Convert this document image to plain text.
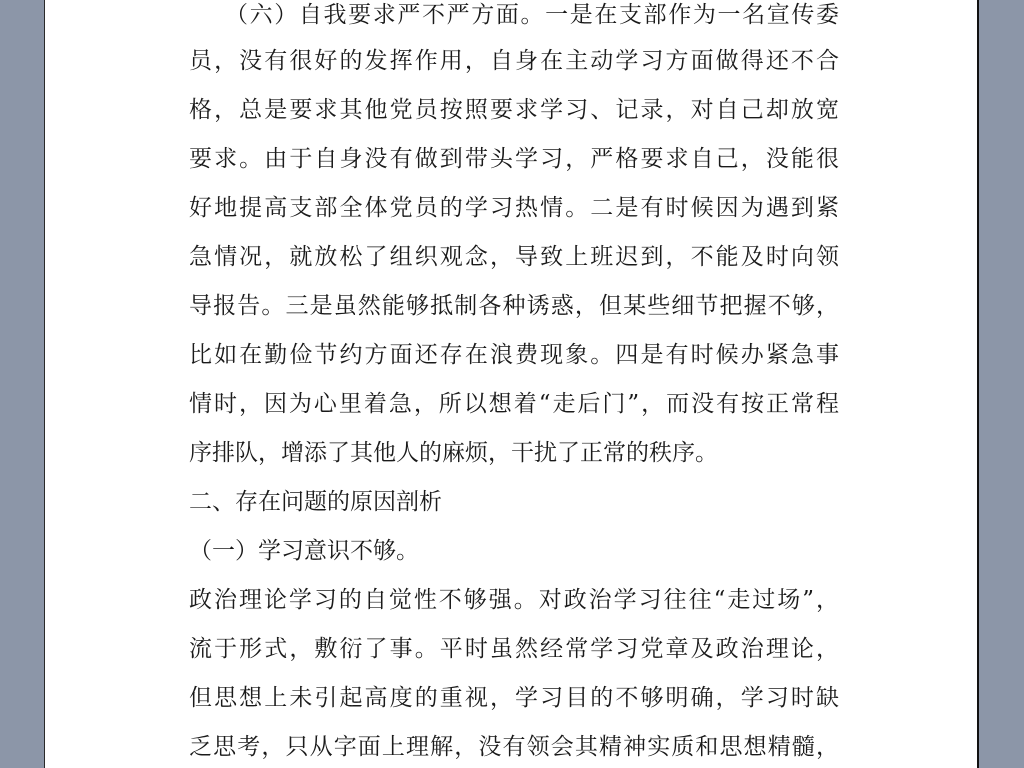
（六）自我要求严不严方面。一是在支部作为一名宣传委
员，没有很好的发挥作用，自身在主动学习方面做得还不合
格，总是要求其他党员按照要求学习、记录，对自己却放宽
要求。由于自身没有做到带头学习，严格要求自己，没能很
好地提高支部全体党员的学习热情。二是有时候因为遇到紧
急情况，就放松了组织观念，导致上班迟到，不能及时向领
导报告。三是虽然能够抵制各种诱惑，但某些细节把握不够，
比如在勤俭节约方面还存在浪费现象。四是有时候办紧急事
情时，因为心里着急，所以想着“走后门”，而没有按正常程
序排队，增添了其他人的麻烦，干扰了正常的秩序。
二、存在问题的原因剖析
（一）学习意识不够。
政治理论学习的自觉性不够强。对政治学习往往“走过场”，
流于形式，敷衍了事。平时虽然经常学习党章及政治理论，
但思想上未引起高度的重视，学习目的不够明确，学习时缺
乏思考，只从字面上理解，没有领会其精神实质和思想精髓，
